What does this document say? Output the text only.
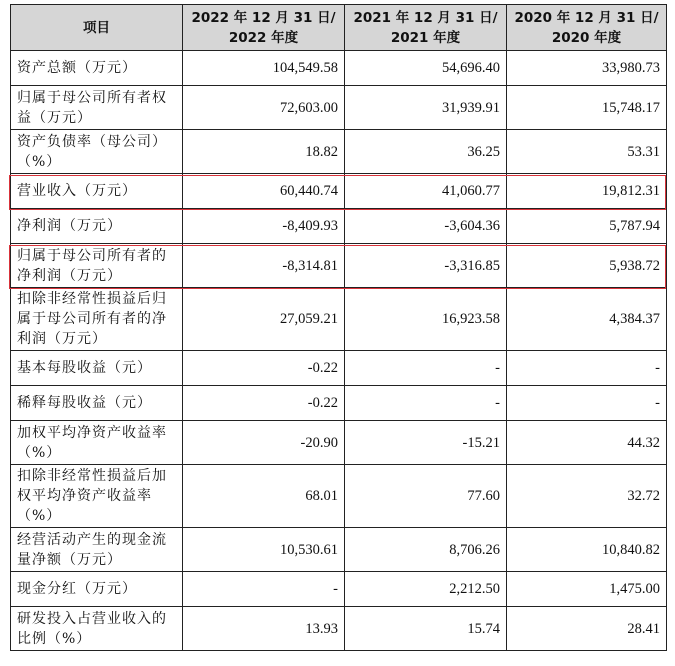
项目	2022 年 12 月 31 日/ 2022 年度	2021 年 12 月 31 日/ 2021 年度	2020 年 12 月 31 日/ 2020 年度
资产总额（万元）	104,549.58	54,696.40	33,980.73
归属于母公司所有者权益（万元）	72,603.00	31,939.91	15,748.17
资产负债率（母公司）（%）	18.82	36.25	53.31
营业收入（万元）	60,440.74	41,060.77	19,812.31
净利润（万元）	-8,409.93	-3,604.36	5,787.94
归属于母公司所有者的净利润（万元）	-8,314.81	-3,316.85	5,938.72
扣除非经常性损益后归属于母公司所有者的净利润（万元）	27,059.21	16,923.58	4,384.37
基本每股收益（元）	-0.22	-	-
稀释每股收益（元）	-0.22	-	-
加权平均净资产收益率（%）	-20.90	-15.21	44.32
扣除非经常性损益后加权平均净资产收益率（%）	68.01	77.60	32.72
经营活动产生的现金流量净额（万元）	10,530.61	8,706.26	10,840.82
现金分红（万元）	-	2,212.50	1,475.00
研发投入占营业收入的比例（%）	13.93	15.74	28.41
